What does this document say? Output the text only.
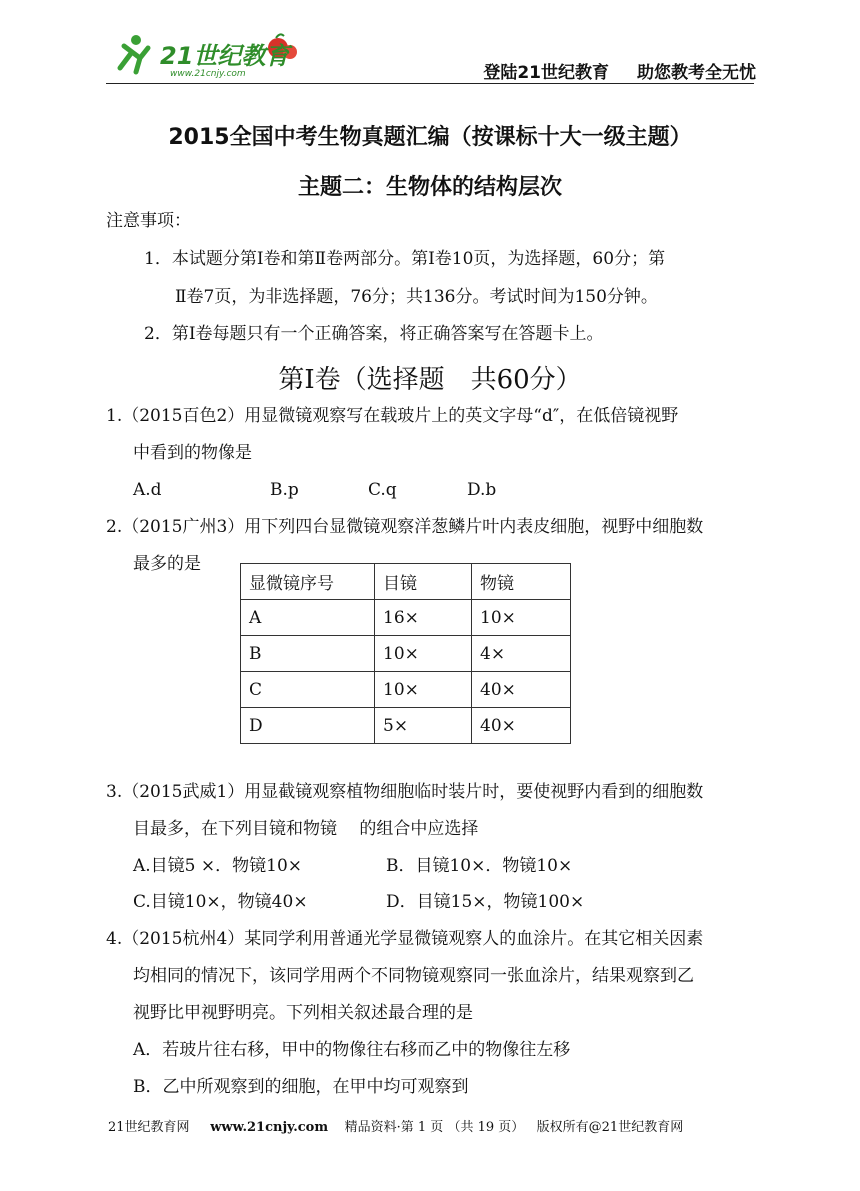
21世纪教育
www.21cnjy.com	登陆21世纪教育 助您教考全无忧
2015全国中考生物真题汇编（按课标十大一级主题）
主题二：生物体的结构层次
注意事项：
1．本试题分第Ⅰ卷和第Ⅱ卷两部分。第Ⅰ卷10页，为选择题，60分；第
Ⅱ卷7页，为非选择题，76分；共136分。考试时间为150分钟。
2．第Ⅰ卷每题只有一个正确答案，将正确答案写在答题卡上。
第Ⅰ卷（选择题　共60分）
1.（2015百色2）用显微镜观察写在载玻片上的英文字母“d″，在低倍镜视野
中看到的物像是
A.d	B.p	C.q	D.b
2.（2015广州3）用下列四台显微镜观察洋葱鳞片叶内表皮细胞，视野中细胞数
最多的是
显微镜序号	目镜	物镜
A	16×	10×
B	10×	4×
C	10×	40×
D	5×	40×
3.（2015武威1）用显截镜观察植物细胞临时装片时，要使视野内看到的细胞数
目最多，在下列目镜和物镜　 的组合中应选择
A.目镜5 ×．物镜10×	B．目镜10×．物镜10×
C.目镜10×，物镜40×	D．目镜15×，物镜100×
4.（2015杭州4）某同学利用普通光学显微镜观察人的血涂片。在其它相关因素
均相同的情况下，该同学用两个不同物镜观察同一张血涂片，结果观察到乙
视野比甲视野明亮。下列相关叙述最合理的是
A．若玻片往右移，甲中的物像往右移而乙中的物像往左移
B．乙中所观察到的细胞，在甲中均可观察到
21世纪教育网 www.21cnjy.com 精品资料·第 1 页 （共 19 页） 版权所有@21世纪教育网
